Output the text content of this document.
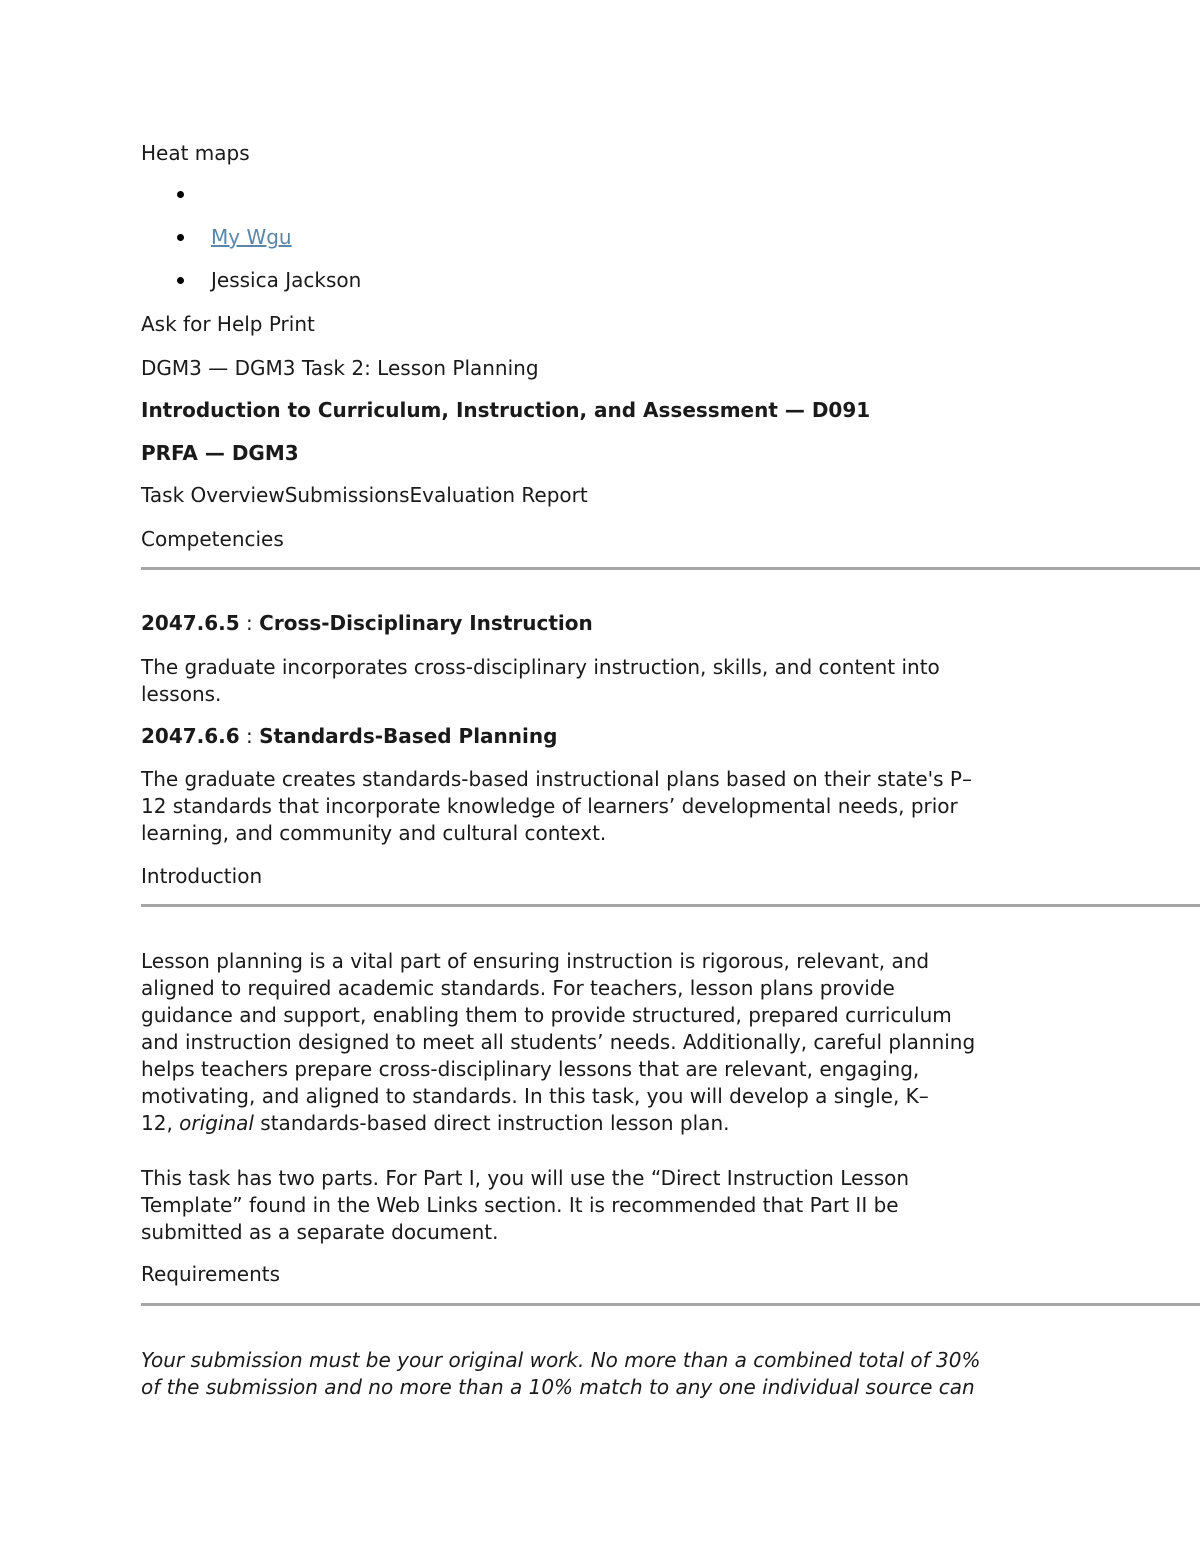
Heat maps

My Wgu
Jessica Jackson

Ask for Help Print

DGM3 — DGM3 Task 2: Lesson Planning

Introduction to Curriculum, Instruction, and Assessment — D091

PRFA — DGM3

Task OverviewSubmissionsEvaluation Report

Competencies

2047.6.5 : Cross-Disciplinary Instruction

The graduate incorporates cross-disciplinary instruction, skills, and content into
lessons.

2047.6.6 : Standards-Based Planning

The graduate creates standards-based instructional plans based on their state's P–
12 standards that incorporate knowledge of learners’ developmental needs, prior
learning, and community and cultural context.

Introduction

Lesson planning is a vital part of ensuring instruction is rigorous, relevant, and
aligned to required academic standards. For teachers, lesson plans provide
guidance and support, enabling them to provide structured, prepared curriculum
and instruction designed to meet all students’ needs. Additionally, careful planning
helps teachers prepare cross-disciplinary lessons that are relevant, engaging,
motivating, and aligned to standards. In this task, you will develop a single, K–
12, original standards-based direct instruction lesson plan.
This task has two parts. For Part I, you will use the “Direct Instruction Lesson
Template” found in the Web Links section. It is recommended that Part II be
submitted as a separate document.

Requirements

Your submission must be your original work. No more than a combined total of 30%
of the submission and no more than a 10% match to any one individual source can
